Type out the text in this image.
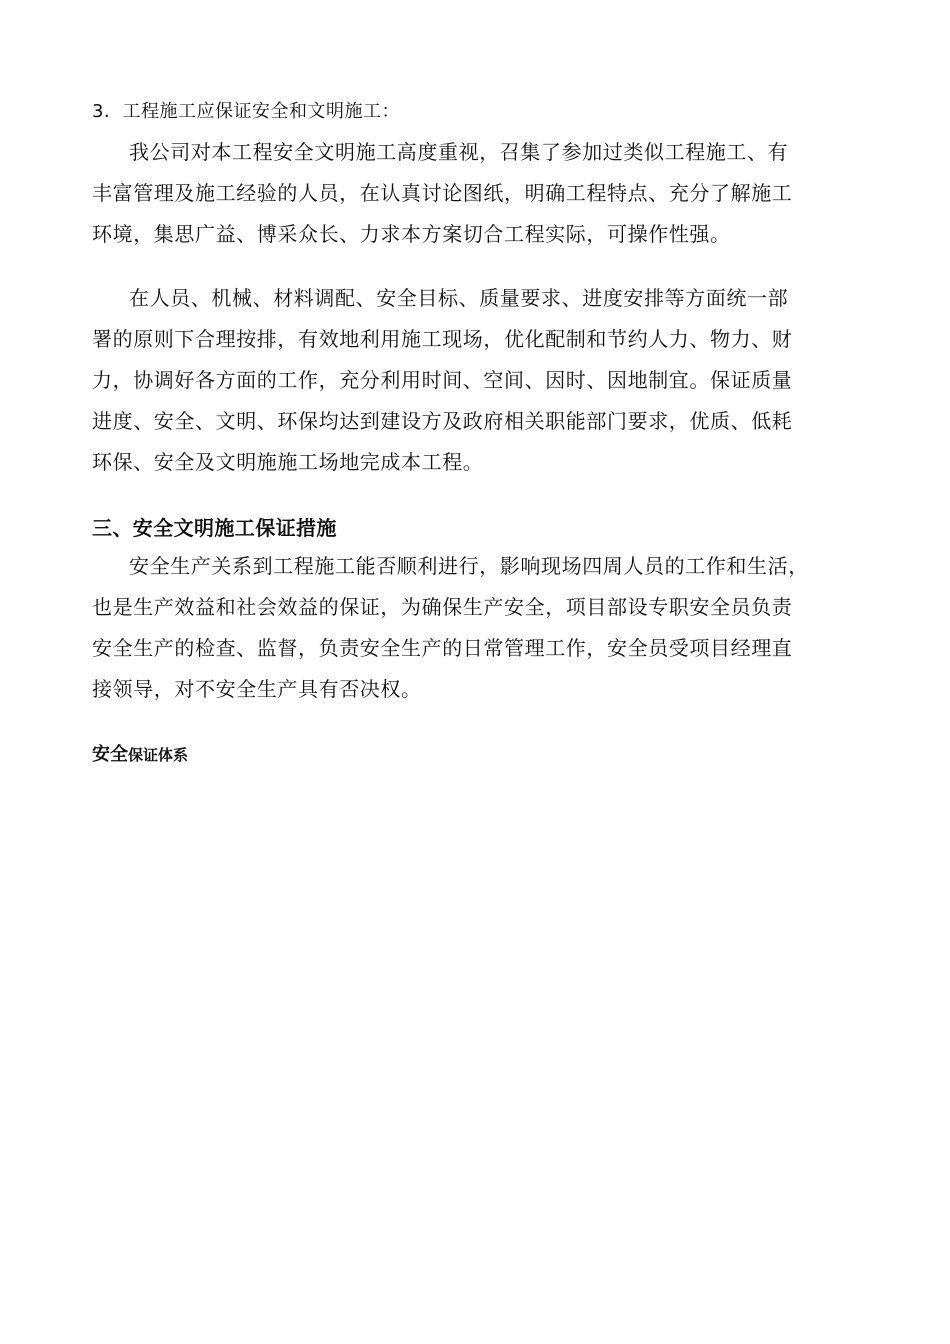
3．工程施工应保证安全和文明施工：
我公司对本工程安全文明施工高度重视，召集了参加过类似工程施工、有
丰富管理及施工经验的人员，在认真讨论图纸，明确工程特点、充分了解施工
环境，集思广益、博采众长、力求本方案切合工程实际，可操作性强。
在人员、机械、材料调配、安全目标、质量要求、进度安排等方面统一部
署的原则下合理按排，有效地利用施工现场，优化配制和节约人力、物力、财
力，协调好各方面的工作，充分利用时间、空间、因时、因地制宜。保证质量
进度、安全、文明、环保均达到建设方及政府相关职能部门要求，优质、低耗
环保、安全及文明施施工场地完成本工程。
三、安全文明施工保证措施
安全生产关系到工程施工能否顺利进行，影响现场四周人员的工作和生活，
也是生产效益和社会效益的保证，为确保生产安全，项目部设专职安全员负责
安全生产的检查、监督，负责安全生产的日常管理工作，安全员受项目经理直
接领导，对不安全生产具有否决权。
安全保证体系
